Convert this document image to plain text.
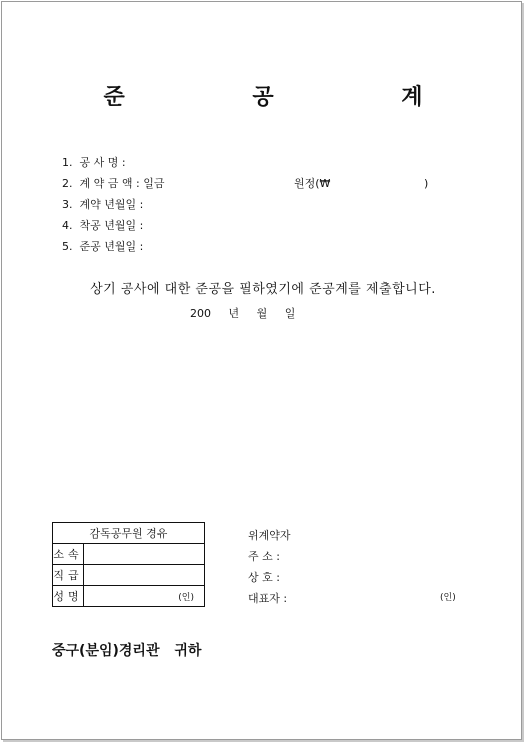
준 공 계
1. 공 사 명 :
2. 계 약 금 액 : 일금	원정(₩	)
3. 계약 년월일 :
4. 착공 년월일 :
5. 준공 년월일 :
상기 공사에 대한 준공을 필하였기에 준공계를 제출합니다.
200 년 월 일
감독공무원 경유	
소속	
직급	
성명	(인)
위계약자
주 소 :
상 호 :
대표자 :	(인)
중구(분임)경리관 귀하
